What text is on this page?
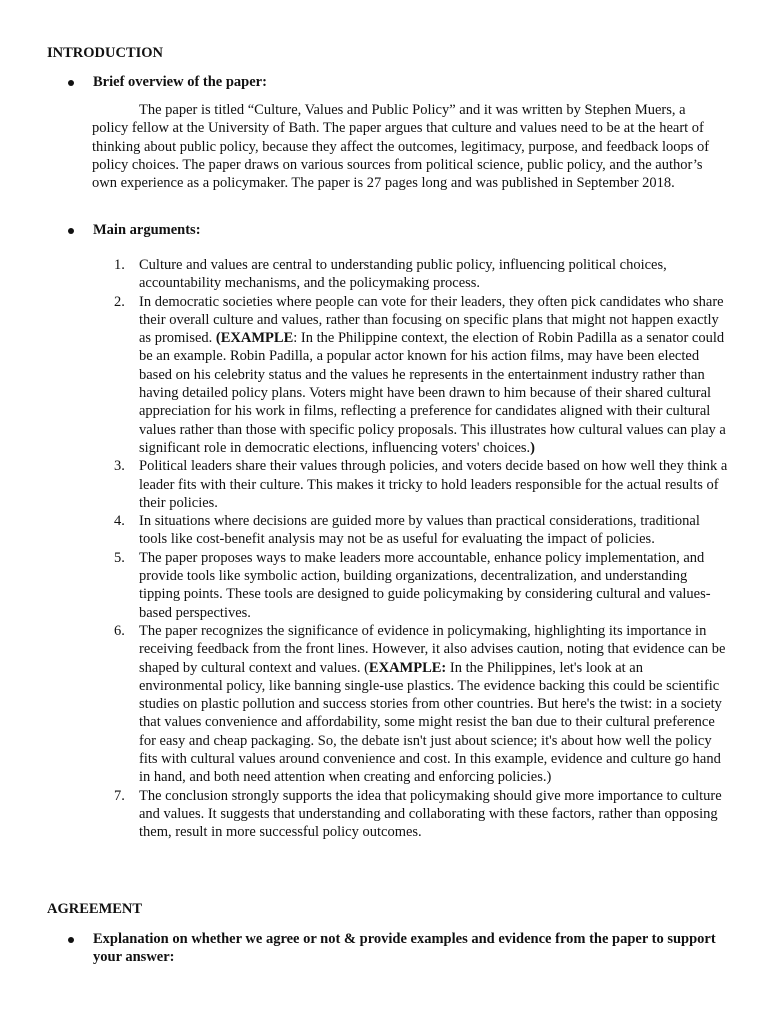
INTRODUCTION
Brief overview of the paper:
The paper is titled “Culture, Values and Public Policy” and it was written by Stephen Muers, a policy fellow at the University of Bath. The paper argues that culture and values need to be at the heart of thinking about public policy, because they affect the outcomes, legitimacy, purpose, and feedback loops of policy choices. The paper draws on various sources from political science, public policy, and the author’s own experience as a policymaker. The paper is 27 pages long and was published in September 2018.
Main arguments:
1. Culture and values are central to understanding public policy, influencing political choices, accountability mechanisms, and the policymaking process.
2. In democratic societies where people can vote for their leaders, they often pick candidates who share their overall culture and values, rather than focusing on specific plans that might not happen exactly as promised. (EXAMPLE: In the Philippine context, the election of Robin Padilla as a senator could be an example. Robin Padilla, a popular actor known for his action films, may have been elected based on his celebrity status and the values he represents in the entertainment industry rather than having detailed policy plans. Voters might have been drawn to him because of their shared cultural appreciation for his work in films, reflecting a preference for candidates aligned with their cultural values rather than those with specific policy proposals. This illustrates how cultural values can play a significant role in democratic elections, influencing voters' choices.)
3. Political leaders share their values through policies, and voters decide based on how well they think a leader fits with their culture. This makes it tricky to hold leaders responsible for the actual results of their policies.
4. In situations where decisions are guided more by values than practical considerations, traditional tools like cost-benefit analysis may not be as useful for evaluating the impact of policies.
5. The paper proposes ways to make leaders more accountable, enhance policy implementation, and provide tools like symbolic action, building organizations, decentralization, and understanding tipping points. These tools are designed to guide policymaking by considering cultural and values-based perspectives.
6. The paper recognizes the significance of evidence in policymaking, highlighting its importance in receiving feedback from the front lines. However, it also advises caution, noting that evidence can be shaped by cultural context and values. (EXAMPLE: In the Philippines, let's look at an environmental policy, like banning single-use plastics. The evidence backing this could be scientific studies on plastic pollution and success stories from other countries. But here's the twist: in a society that values convenience and affordability, some might resist the ban due to their cultural preference for easy and cheap packaging. So, the debate isn't just about science; it's about how well the policy fits with cultural values around convenience and cost. In this example, evidence and culture go hand in hand, and both need attention when creating and enforcing policies.)
7. The conclusion strongly supports the idea that policymaking should give more importance to culture and values. It suggests that understanding and collaborating with these factors, rather than opposing them, result in more successful policy outcomes.
AGREEMENT
Explanation on whether we agree or not & provide examples and evidence from the paper to support your answer:
